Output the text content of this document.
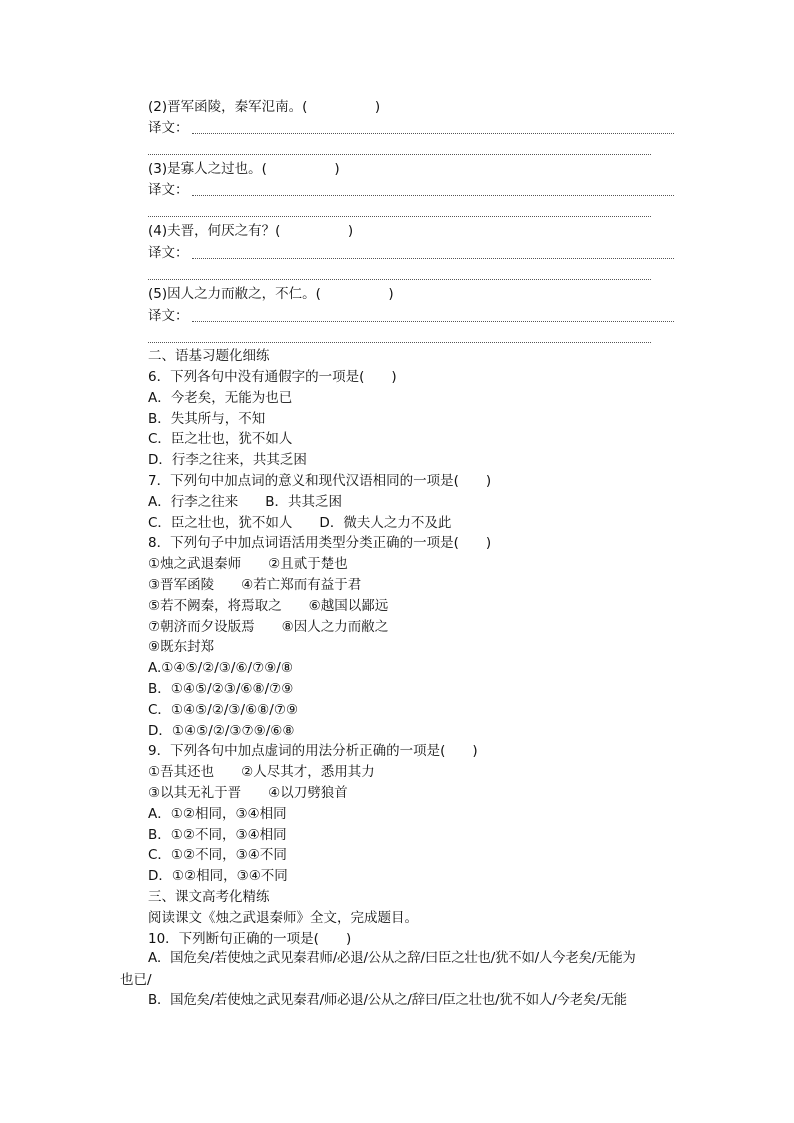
(2)晋军函陵，秦军氾南。(　　　　　)
译文：
(3)是寡人之过也。(　　　　　)
译文：
(4)夫晋，何厌之有？(　　　　　)
译文：
(5)因人之力而敝之，不仁。(　　　　　)
译文：
二、语基习题化细练
6．下列各句中没有通假字的一项是(　　)
A．今老矣，无能为也已
B．失其所与，不知
C．臣之壮也，犹不如人
D．行李之往来，共其乏困
7．下列句中加点词的意义和现代汉语相同的一项是(　　)
A．行李之往来　　B．共其乏困
C．臣之壮也，犹不如人　　D．微夫人之力不及此
8．下列句子中加点词语活用类型分类正确的一项是(　　)
①烛之武退秦师　　②且贰于楚也
③晋军函陵　　④若亡郑而有益于君
⑤若不阙秦，将焉取之　　⑥越国以鄙远
⑦朝济而夕设版焉　　⑧因人之力而敝之
⑨既东封郑
A.①④⑤/②/③/⑥/⑦⑨/⑧
B．①④⑤/②③/⑥⑧/⑦⑨
C．①④⑤/②/③/⑥⑧/⑦⑨
D．①④⑤/②/③⑦⑨/⑥⑧
9．下列各句中加点虚词的用法分析正确的一项是(　　)
①吾其还也　　②人尽其才，悉用其力
③以其无礼于晋　　④以刀劈狼首
A．①②相同，③④相同
B．①②不同，③④相同
C．①②不同，③④不同
D．①②相同，③④不同
三、课文高考化精练
阅读课文《烛之武退秦师》全文，完成题目。
10．下列断句正确的一项是(　　)
A．国危矣/若使烛之武见秦君师/必退/公从之辞/曰臣之壮也/犹不如/人今老矣/无能为
也已/
B．国危矣/若使烛之武见秦君/师必退/公从之/辞曰/臣之壮也/犹不如人/今老矣/无能
